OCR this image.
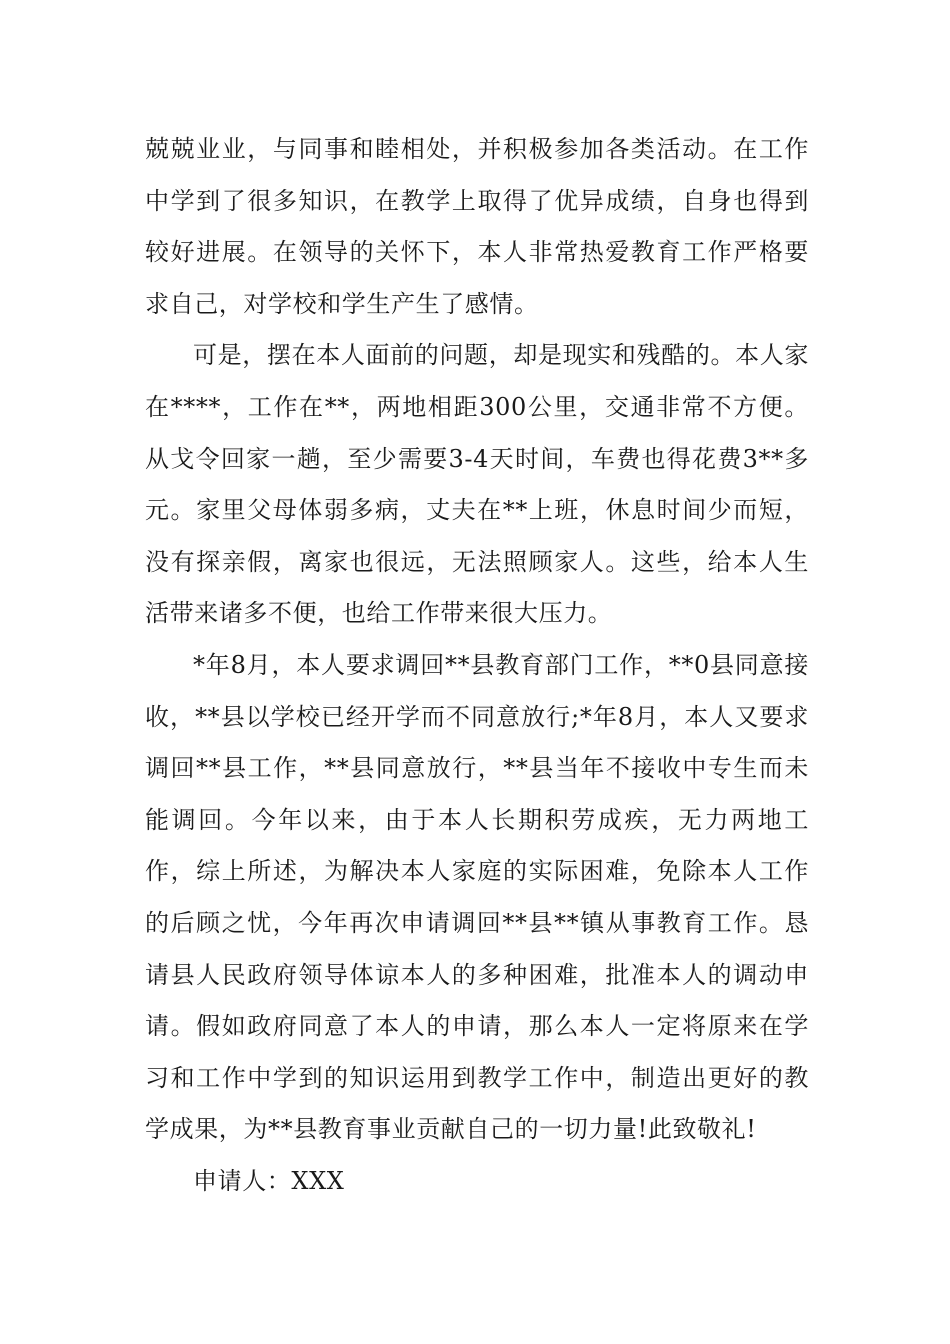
兢兢业业，与同事和睦相处，并积极参加各类活动。在工作中学到了很多知识，在教学上取得了优异成绩，自身也得到较好进展。在领导的关怀下，本人非常热爱教育工作严格要求自己，对学校和学生产生了感情。

可是，摆在本人面前的问题，却是现实和残酷的。本人家在****，工作在**，两地相距300公里，交通非常不方便。从戈令回家一趟，至少需要3-4天时间，车费也得花费3**多元。家里父母体弱多病，丈夫在**上班，休息时间少而短，没有探亲假，离家也很远，无法照顾家人。这些，给本人生活带来诸多不便，也给工作带来很大压力。

*年8月，本人要求调回**县教育部门工作，**0县同意接收，**县以学校已经开学而不同意放行;*年8月，本人又要求调回**县工作，**县同意放行，**县当年不接收中专生而未能调回。今年以来，由于本人长期积劳成疾，无力两地工作，综上所述，为解决本人家庭的实际困难，免除本人工作的后顾之忧，今年再次申请调回**县**镇从事教育工作。恳请县人民政府领导体谅本人的多种困难，批准本人的调动申请。假如政府同意了本人的申请，那么本人一定将原来在学习和工作中学到的知识运用到教学工作中，制造出更好的教学成果，为**县教育事业贡献自己的一切力量!此致敬礼!

申请人：XXX
